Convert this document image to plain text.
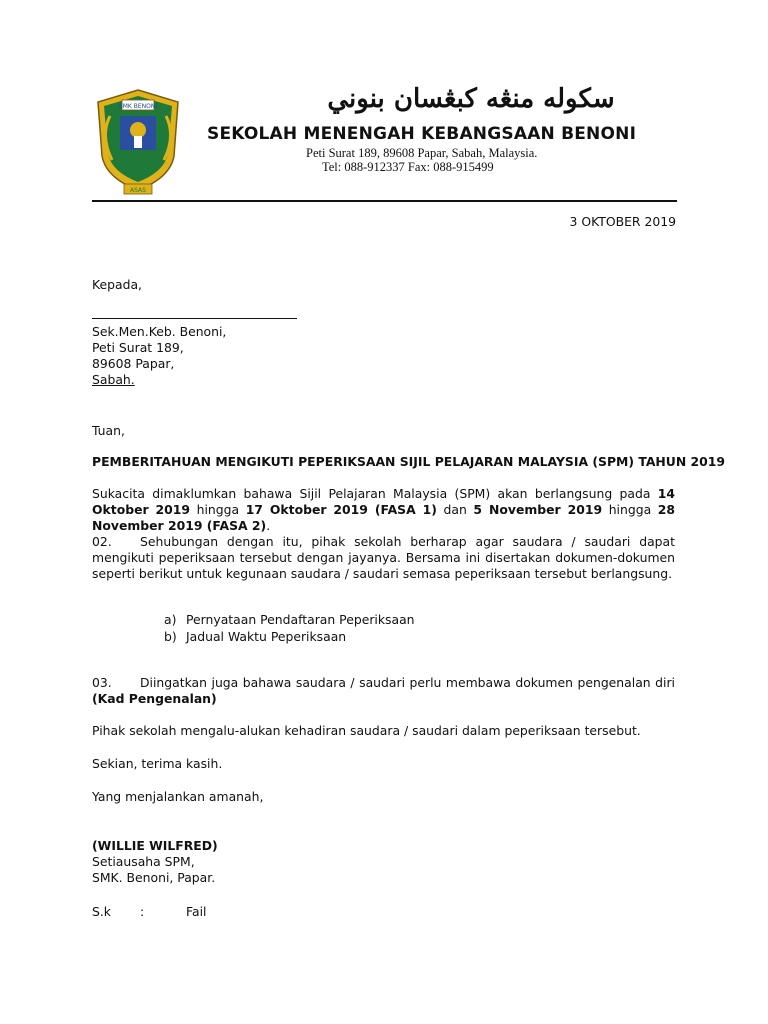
SMK BENONI
ASAS
سکوله منڠه کبڠسان بنوني
SEKOLAH MENENGAH KEBANGSAAN BENONI
Peti Surat 189, 89608 Papar, Sabah, Malaysia.
Tel: 088-912337 Fax: 088-915499
3 OKTOBER 2019
Kepada,
Sek.Men.Keb. Benoni,
Peti Surat 189,
89608 Papar,
Sabah.
Tuan,
PEMBERITAHUAN MENGIKUTI PEPERIKSAAN SIJIL PELAJARAN MALAYSIA (SPM) TAHUN 2019
Sukacita dimaklumkan bahawa Sijil Pelajaran Malaysia (SPM) akan berlangsung pada 14 Oktober 2019 hingga 17 Oktober 2019 (FASA 1) dan 5 November 2019 hingga 28 November 2019 (FASA 2).
02.	Sehubungan dengan itu, pihak sekolah berharap agar saudara / saudari dapat mengikuti peperiksaan tersebut dengan jayanya. Bersama ini disertakan dokumen-dokumen seperti berikut untuk kegunaan saudara / saudari semasa peperiksaan tersebut berlangsung.
a) Pernyataan Pendaftaran Peperiksaan
b) Jadual Waktu Peperiksaan
03.	Diingatkan juga bahawa saudara / saudari perlu membawa dokumen pengenalan diri (Kad Pengenalan)
Pihak sekolah mengalu-alukan kehadiran saudara / saudari dalam peperiksaan tersebut.
Sekian, terima kasih.
Yang menjalankan amanah,
(WILLIE WILFRED)
Setiausaha SPM,
SMK. Benoni, Papar.
S.k :	Fail
